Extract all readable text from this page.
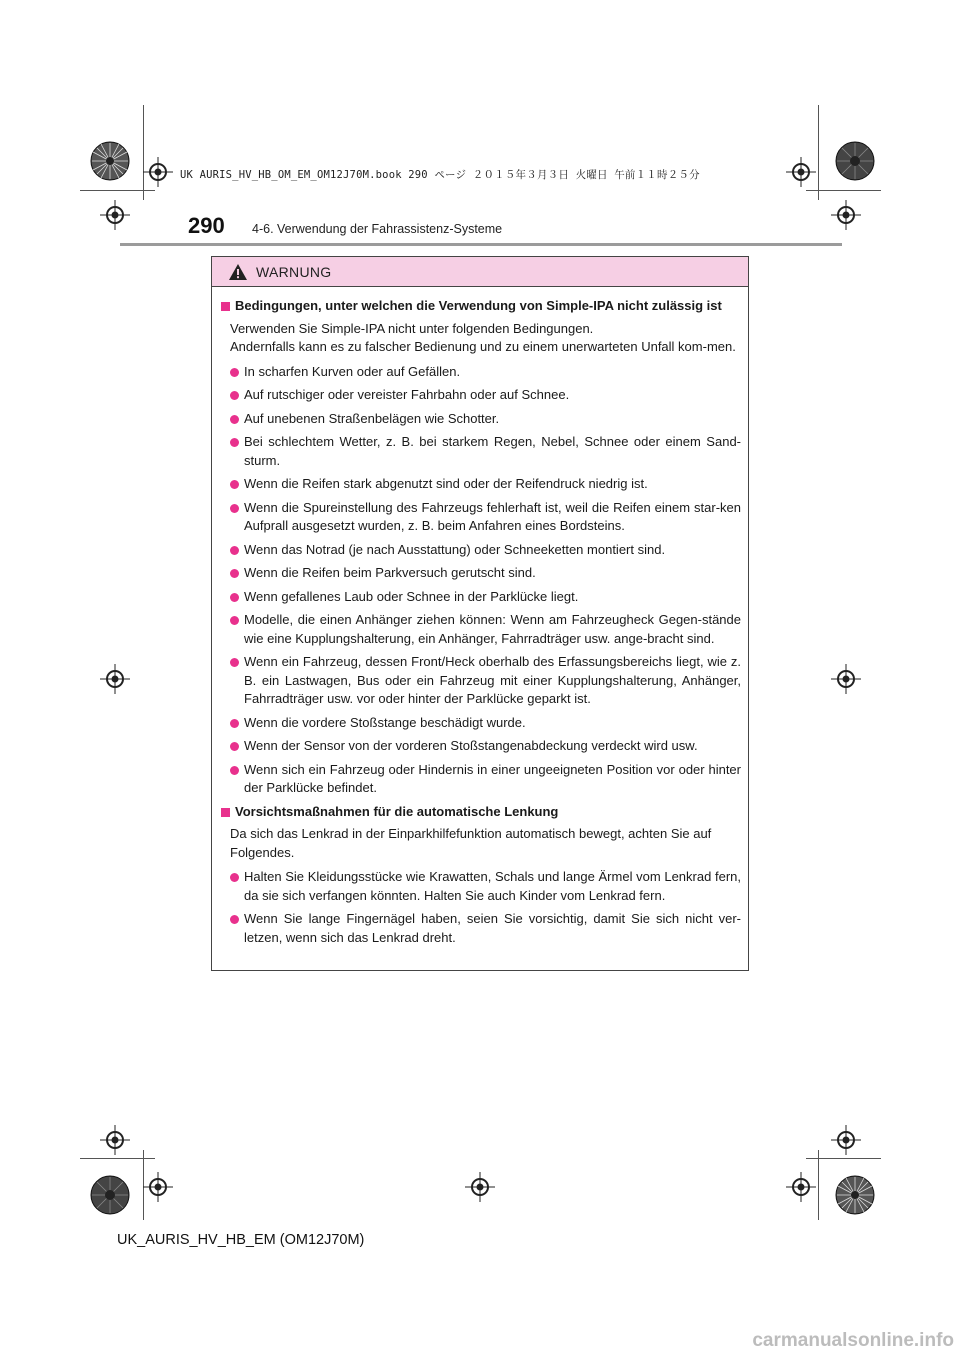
UK AURIS_HV_HB_OM_EM_OM12J70M.book 290 ページ ２０１５年３月３日 火曜日 午前１１時２５分
290 4-6. Verwendung der Fahrassistenz-Systeme
WARNUNG
Bedingungen, unter welchen die Verwendung von Simple-IPA nicht zulässig ist

Verwenden Sie Simple-IPA nicht unter folgenden Bedingungen.

Andernfalls kann es zu falscher Bedienung und zu einem unerwarteten Unfall kom-men.

In scharfen Kurven oder auf Gefällen.
Auf rutschiger oder vereister Fahrbahn oder auf Schnee.
Auf unebenen Straßenbelägen wie Schotter.
Bei schlechtem Wetter, z. B. bei starkem Regen, Nebel, Schnee oder einem Sand-sturm.
Wenn die Reifen stark abgenutzt sind oder der Reifendruck niedrig ist.
Wenn die Spureinstellung des Fahrzeugs fehlerhaft ist, weil die Reifen einem star-ken Aufprall ausgesetzt wurden, z. B. beim Anfahren eines Bordsteins.
Wenn das Notrad (je nach Ausstattung) oder Schneeketten montiert sind.
Wenn die Reifen beim Parkversuch gerutscht sind.
Wenn gefallenes Laub oder Schnee in der Parklücke liegt.
Modelle, die einen Anhänger ziehen können: Wenn am Fahrzeugheck Gegen-stände wie eine Kupplungshalterung, ein Anhänger, Fahrradträger usw. ange-bracht sind.
Wenn ein Fahrzeug, dessen Front/Heck oberhalb des Erfassungsbereichs liegt, wie z. B. ein Lastwagen, Bus oder ein Fahrzeug mit einer Kupplungshalterung, Anhänger, Fahrradträger usw. vor oder hinter der Parklücke geparkt ist.
Wenn die vordere Stoßstange beschädigt wurde.
Wenn der Sensor von der vorderen Stoßstangenabdeckung verdeckt wird usw.
Wenn sich ein Fahrzeug oder Hindernis in einer ungeeigneten Position vor oder hinter der Parklücke befindet.
Vorsichtsmaßnahmen für die automatische Lenkung

Da sich das Lenkrad in der Einparkhilfefunktion automatisch bewegt, achten Sie auf Folgendes.

Halten Sie Kleidungsstücke wie Krawatten, Schals und lange Ärmel vom Lenkrad fern, da sie sich verfangen könnten. Halten Sie auch Kinder vom Lenkrad fern.
Wenn Sie lange Fingernägel haben, seien Sie vorsichtig, damit Sie sich nicht ver-letzen, wenn sich das Lenkrad dreht.
UK_AURIS_HV_HB_EM (OM12J70M)
carmanualsonline.info
